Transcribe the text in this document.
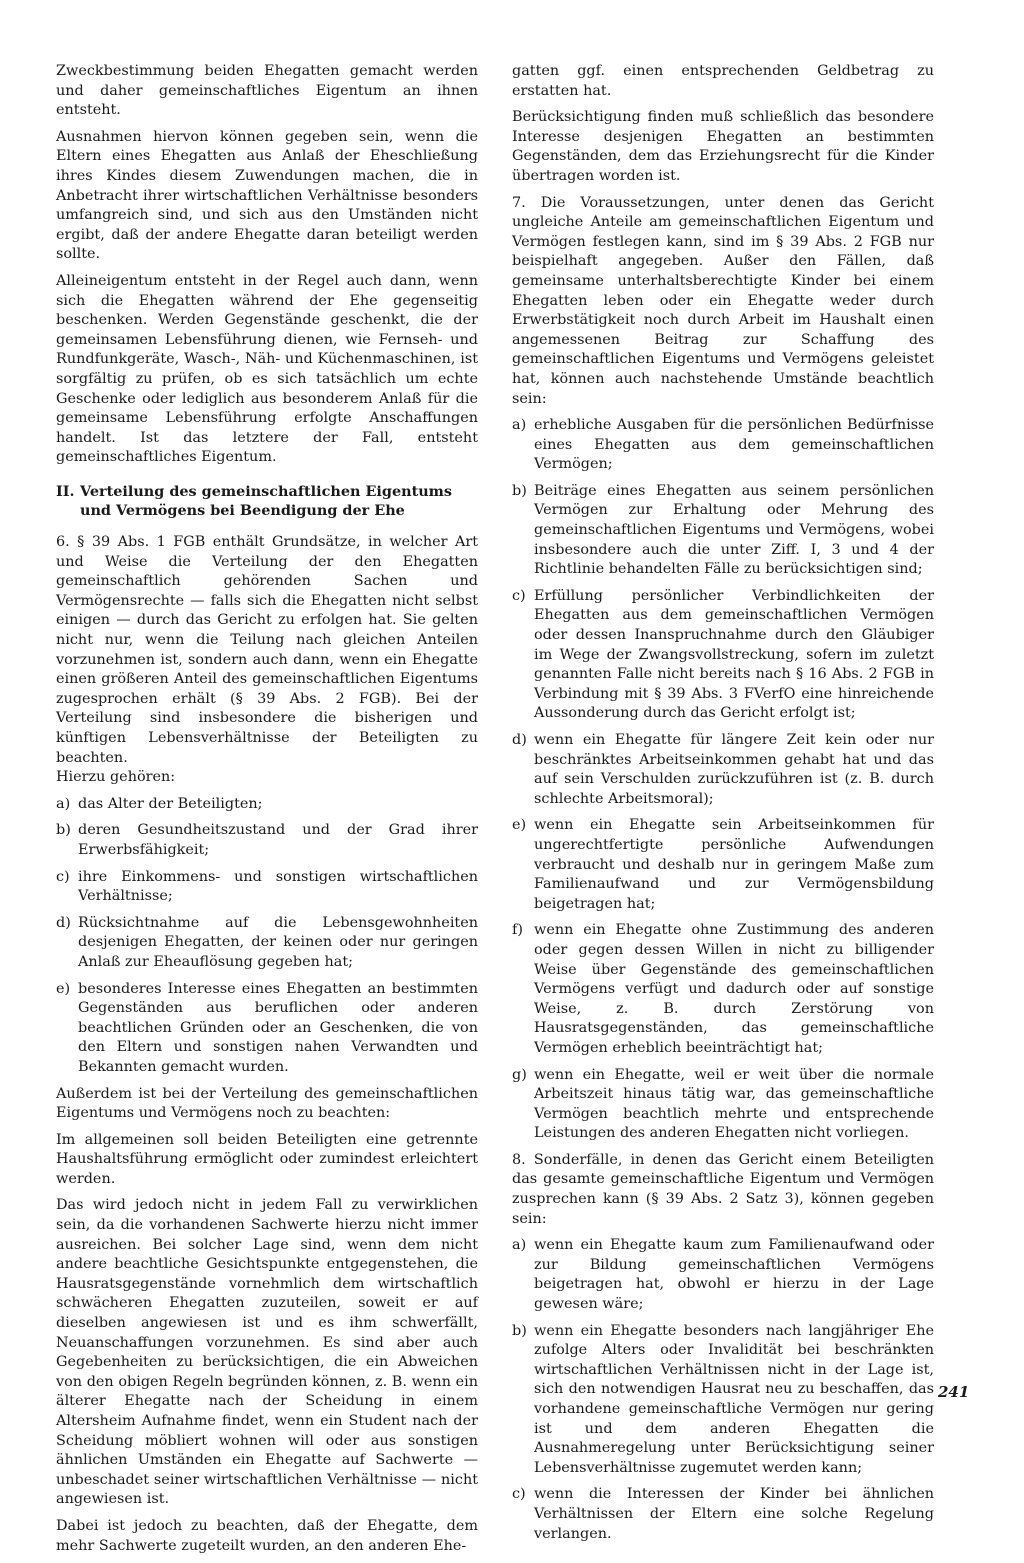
Zweckbestimmung beiden Ehegatten gemacht werden und daher gemeinschaftliches Eigentum an ihnen entsteht.

Ausnahmen hiervon können gegeben sein, wenn die Eltern eines Ehegatten aus Anlaß der Eheschließung ihres Kindes diesem Zuwendungen machen, die in Anbetracht ihrer wirtschaftlichen Verhältnisse besonders umfangreich sind, und sich aus den Umständen nicht ergibt, daß der andere Ehegatte daran beteiligt werden sollte.

Alleineigentum entsteht in der Regel auch dann, wenn sich die Ehegatten während der Ehe gegenseitig beschenken. Werden Gegenstände geschenkt, die der gemeinsamen Lebensführung dienen, wie Fernseh- und Rundfunkgeräte, Wasch-, Näh- und Küchenmaschinen, ist sorgfältig zu prüfen, ob es sich tatsächlich um echte Geschenke oder lediglich aus besonderem Anlaß für die gemeinsame Lebensführung erfolgte Anschaffungen handelt. Ist das letztere der Fall, entsteht gemeinschaftliches Eigentum.

II. Verteilung des gemeinschaftlichen Eigentums und Vermögens bei Beendigung der Ehe

6. § 39 Abs. 1 FGB enthält Grundsätze, in welcher Art und Weise die Verteilung der den Ehegatten gemeinschaftlich gehörenden Sachen und Vermögensrechte — falls sich die Ehegatten nicht selbst einigen — durch das Gericht zu erfolgen hat. Sie gelten nicht nur, wenn die Teilung nach gleichen Anteilen vorzunehmen ist, sondern auch dann, wenn ein Ehegatte einen größeren Anteil des gemeinschaftlichen Eigentums zugesprochen erhält (§ 39 Abs. 2 FGB). Bei der Verteilung sind insbesondere die bisherigen und künftigen Lebensverhältnisse der Beteiligten zu beachten.

Hierzu gehören:

a) das Alter der Beteiligten;
b) deren Gesundheitszustand und der Grad ihrer Erwerbsfähigkeit;
c) ihre Einkommens- und sonstigen wirtschaftlichen Verhältnisse;
d) Rücksichtnahme auf die Lebensgewohnheiten desjenigen Ehegatten, der keinen oder nur geringen Anlaß zur Eheauflösung gegeben hat;
e) besonderes Interesse eines Ehegatten an bestimmten Gegenständen aus beruflichen oder anderen beachtlichen Gründen oder an Geschenken, die von den Eltern und sonstigen nahen Verwandten und Bekannten gemacht wurden.

Außerdem ist bei der Verteilung des gemeinschaftlichen Eigentums und Vermögens noch zu beachten:

Im allgemeinen soll beiden Beteiligten eine getrennte Haushaltsführung ermöglicht oder zumindest erleichtert werden.

Das wird jedoch nicht in jedem Fall zu verwirklichen sein, da die vorhandenen Sachwerte hierzu nicht immer ausreichen. Bei solcher Lage sind, wenn dem nicht andere beachtliche Gesichtspunkte entgegenstehen, die Hausratsgegenstände vornehmlich dem wirtschaftlich schwächeren Ehegatten zuzuteilen, soweit er auf dieselben angewiesen ist und es ihm schwerfällt, Neuanschaffungen vorzunehmen. Es sind aber auch Gegebenheiten zu berücksichtigen, die ein Abweichen von den obigen Regeln begründen können, z. B. wenn ein älterer Ehegatte nach der Scheidung in einem Altersheim Aufnahme findet, wenn ein Student nach der Scheidung möbliert wohnen will oder aus sonstigen ähnlichen Umständen ein Ehegatte auf Sachwerte — unbeschadet seiner wirtschaftlichen Verhältnisse — nicht angewiesen ist.

Dabei ist jedoch zu beachten, daß der Ehegatte, dem mehr Sachwerte zugeteilt wurden, an den anderen Ehe-

gatten ggf. einen entsprechenden Geldbetrag zu erstatten hat.

Berücksichtigung finden muß schließlich das besondere Interesse desjenigen Ehegatten an bestimmten Gegenständen, dem das Erziehungsrecht für die Kinder übertragen worden ist.

7. Die Voraussetzungen, unter denen das Gericht ungleiche Anteile am gemeinschaftlichen Eigentum und Vermögen festlegen kann, sind im § 39 Abs. 2 FGB nur beispielhaft angegeben. Außer den Fällen, daß gemeinsame unterhaltsberechtigte Kinder bei einem Ehegatten leben oder ein Ehegatte weder durch Erwerbstätigkeit noch durch Arbeit im Haushalt einen angemessenen Beitrag zur Schaffung des gemeinschaftlichen Eigentums und Vermögens geleistet hat, können auch nachstehende Umstände beachtlich sein:

a) erhebliche Ausgaben für die persönlichen Bedürfnisse eines Ehegatten aus dem gemeinschaftlichen Vermögen;
b) Beiträge eines Ehegatten aus seinem persönlichen Vermögen zur Erhaltung oder Mehrung des gemeinschaftlichen Eigentums und Vermögens, wobei insbesondere auch die unter Ziff. I, 3 und 4 der Richtlinie behandelten Fälle zu berücksichtigen sind;
c) Erfüllung persönlicher Verbindlichkeiten der Ehegatten aus dem gemeinschaftlichen Vermögen oder dessen Inanspruchnahme durch den Gläubiger im Wege der Zwangsvollstreckung, sofern im zuletzt genannten Falle nicht bereits nach § 16 Abs. 2 FGB in Verbindung mit § 39 Abs. 3 FVerfO eine hinreichende Aussonderung durch das Gericht erfolgt ist;
d) wenn ein Ehegatte für längere Zeit kein oder nur beschränktes Arbeitseinkommen gehabt hat und das auf sein Verschulden zurückzuführen ist (z. B. durch schlechte Arbeitsmoral);
e) wenn ein Ehegatte sein Arbeitseinkommen für ungerechtfertigte persönliche Aufwendungen verbraucht und deshalb nur in geringem Maße zum Familienaufwand und zur Vermögensbildung beigetragen hat;
f) wenn ein Ehegatte ohne Zustimmung des anderen oder gegen dessen Willen in nicht zu billigender Weise über Gegenstände des gemeinschaftlichen Vermögens verfügt und dadurch oder auf sonstige Weise, z. B. durch Zerstörung von Hausratsgegenständen, das gemeinschaftliche Vermögen erheblich beeinträchtigt hat;
g) wenn ein Ehegatte, weil er weit über die normale Arbeitszeit hinaus tätig war, das gemeinschaftliche Vermögen beachtlich mehrte und entsprechende Leistungen des anderen Ehegatten nicht vorliegen.

8. Sonderfälle, in denen das Gericht einem Beteiligten das gesamte gemeinschaftliche Eigentum und Vermögen zusprechen kann (§ 39 Abs. 2 Satz 3), können gegeben sein:

a) wenn ein Ehegatte kaum zum Familienaufwand oder zur Bildung gemeinschaftlichen Vermögens beigetragen hat, obwohl er hierzu in der Lage gewesen wäre;
b) wenn ein Ehegatte besonders nach langjähriger Ehe zufolge Alters oder Invalidität bei beschränkten wirtschaftlichen Verhältnissen nicht in der Lage ist, sich den notwendigen Hausrat neu zu beschaffen, das vorhandene gemeinschaftliche Vermögen nur gering ist und dem anderen Ehegatten die Ausnahmeregelung unter Berücksichtigung seiner Lebensverhältnisse zugemutet werden kann;
c) wenn die Interessen der Kinder bei ähnlichen Verhältnissen der Eltern eine solche Regelung verlangen.
241
